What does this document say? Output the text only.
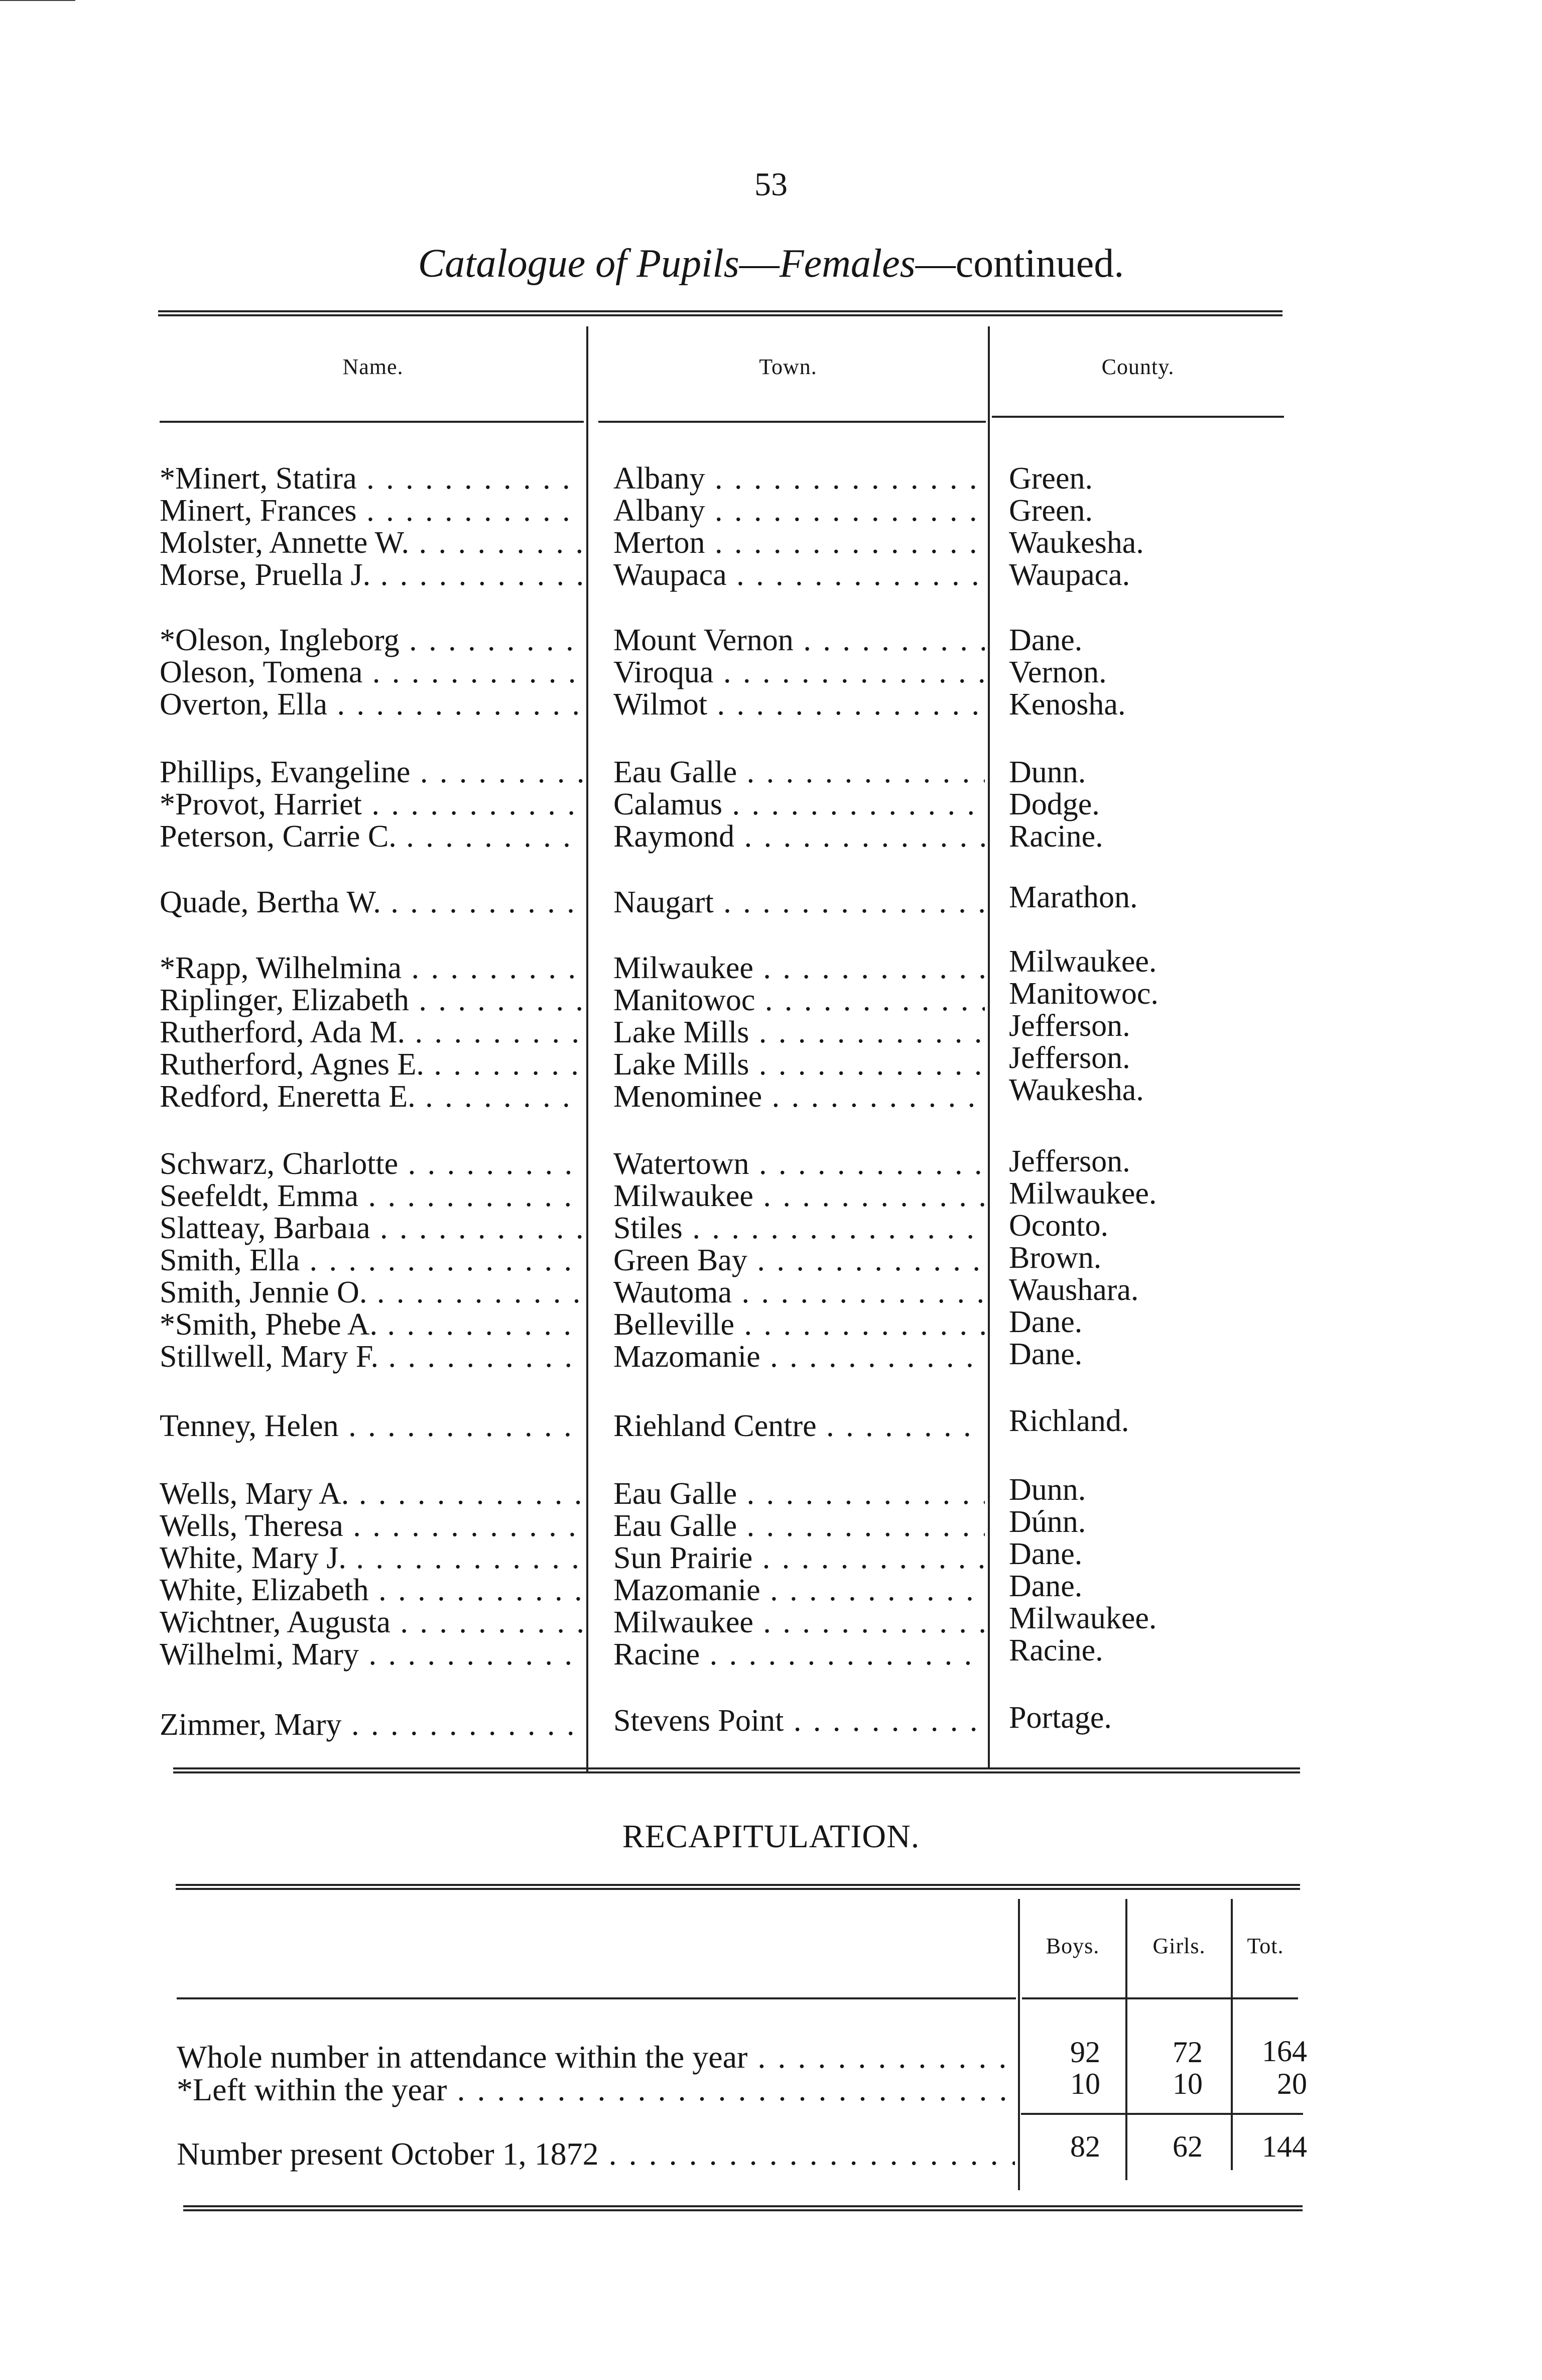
53
Catalogue of Pupils—Females—continued.
Name.	Town.	County.
*Minert, Statira . . .	Albany . . .	Green.
Minert, Frances . . .	Albany . . .	Green.
Molster, Annette W. . . .	Merton . . .	Waukesha.
Morse, Pruella J. . . .	Waupaca . . .	Waupaca.
*Oleson, Ingleborg . . .	Mount Vernon . . .	Dane.
Oleson, Tomena . . .	Viroqua . . .	Vernon.
Overton, Ella . . .	Wilmot . . .	Kenosha.
Phillips, Evangeline . . .	Eau Galle . . .	Dunn.
*Provot, Harriet . . .	Calamus . . .	Dodge.
Peterson, Carrie C. . . .	Raymond . . .	Racine.
Quade, Bertha W. . . .	Naugart . . .	Marathon.
*Rapp, Wilhelmina . . .	Milwaukee . . .	Milwaukee.
Riplinger, Elizabeth . . .	Manitowoc . . .	Manitowoc.
Rutherford, Ada M. . . .	Lake Mills . . .	Jefferson.
Rutherford, Agnes E. . . .	Lake Mills . . .	Jefferson.
Redford, Eneretta E. . . .	Menominee . . .	Waukesha.
Schwarz, Charlotte . . .	Watertown . . .	Jefferson.
Seefeldt, Emma . . .	Milwaukee . . .	Milwaukee.
Slatteay, Barbaıa . . .	Stiles . . .	Oconto.
Smith, Ella . . .	Green Bay . . .	Brown.
Smith, Jennie O. . . .	Wautoma . . .	Waushara.
*Smith, Phebe A. . . .	Belleville . . .	Dane.
Stillwell, Mary F. . . .	Mazomanie . . .	Dane.
Tenney, Helen . . .	Riehland Centre . . .	Richland.
Wells, Mary A. . . .	Eau Galle . . .	Dunn.
Wells, Theresa . . .	Eau Galle . . .	Dúnn.
White, Mary J. . . .	Sun Prairie . . .	Dane.
White, Elizabeth . . .	Mazomanie . . .	Dane.
Wichtner, Augusta . . .	Milwaukee . . .	Milwaukee.
Wilhelmi, Mary . . .	Racine . . .	Racine.
Zimmer, Mary . . .	Stevens Point . . .	Portage.
RECAPITULATION.
Boys.	Girls.	Tot.
Whole number in attendance within the year . . .	92	72	164
*Left within the year . . .	10	10	20
Number present October 1, 1872 . . .	82	62	144
